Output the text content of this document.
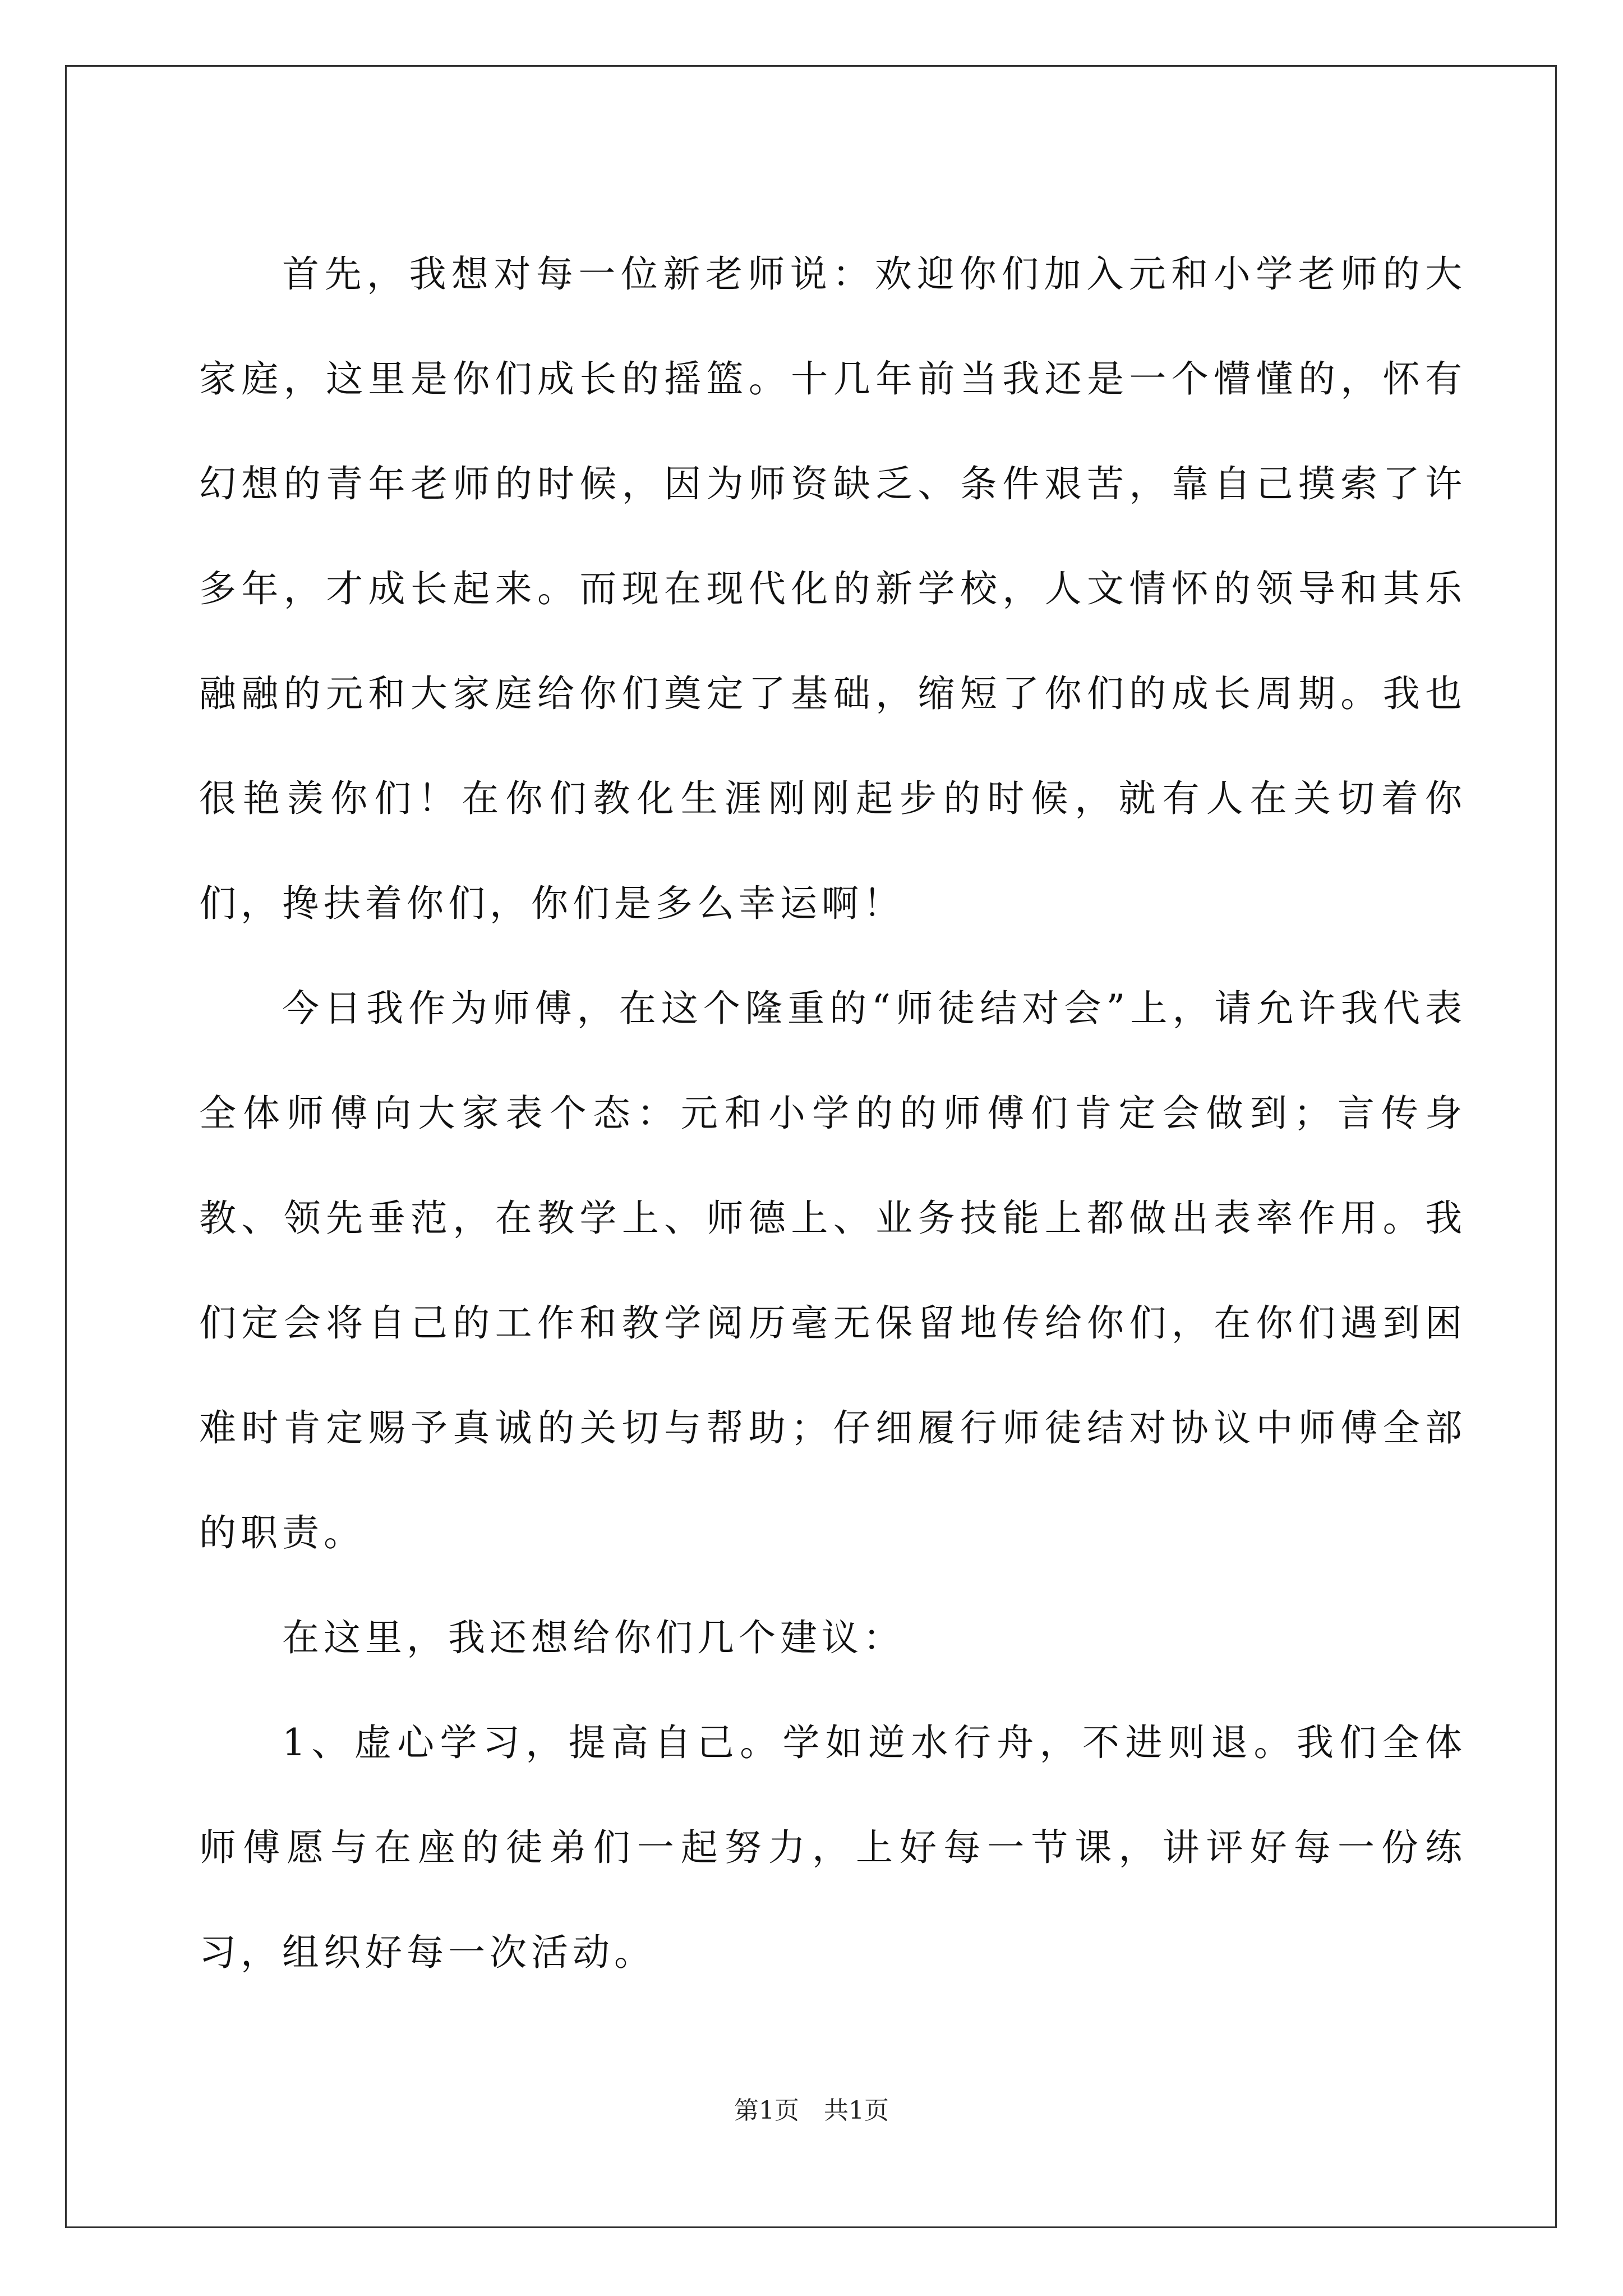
首先，我想对每一位新老师说：欢迎你们加入元和小学老师的大家庭，这里是你们成长的摇篮。十几年前当我还是一个懵懂的，怀有幻想的青年老师的时候，因为师资缺乏、条件艰苦，靠自己摸索了许多年，才成长起来。而现在现代化的新学校，人文情怀的领导和其乐融融的元和大家庭给你们奠定了基础，缩短了你们的成长周期。我也很艳羡你们！在你们教化生涯刚刚起步的时候，就有人在关切着你们，搀扶着你们，你们是多么幸运啊！

今日我作为师傅，在这个隆重的“师徒结对会”上，请允许我代表全体师傅向大家表个态：元和小学的的师傅们肯定会做到；言传身教、领先垂范，在教学上、师德上、业务技能上都做出表率作用。我们定会将自己的工作和教学阅历毫无保留地传给你们，在你们遇到困难时肯定赐予真诚的关切与帮助；仔细履行师徒结对协议中师傅全部的职责。

在这里，我还想给你们几个建议：

1、虚心学习，提高自己。学如逆水行舟，不进则退。我们全体师傅愿与在座的徒弟们一起努力，上好每一节课，讲评好每一份练习，组织好每一次活动。

第1页　共1页
